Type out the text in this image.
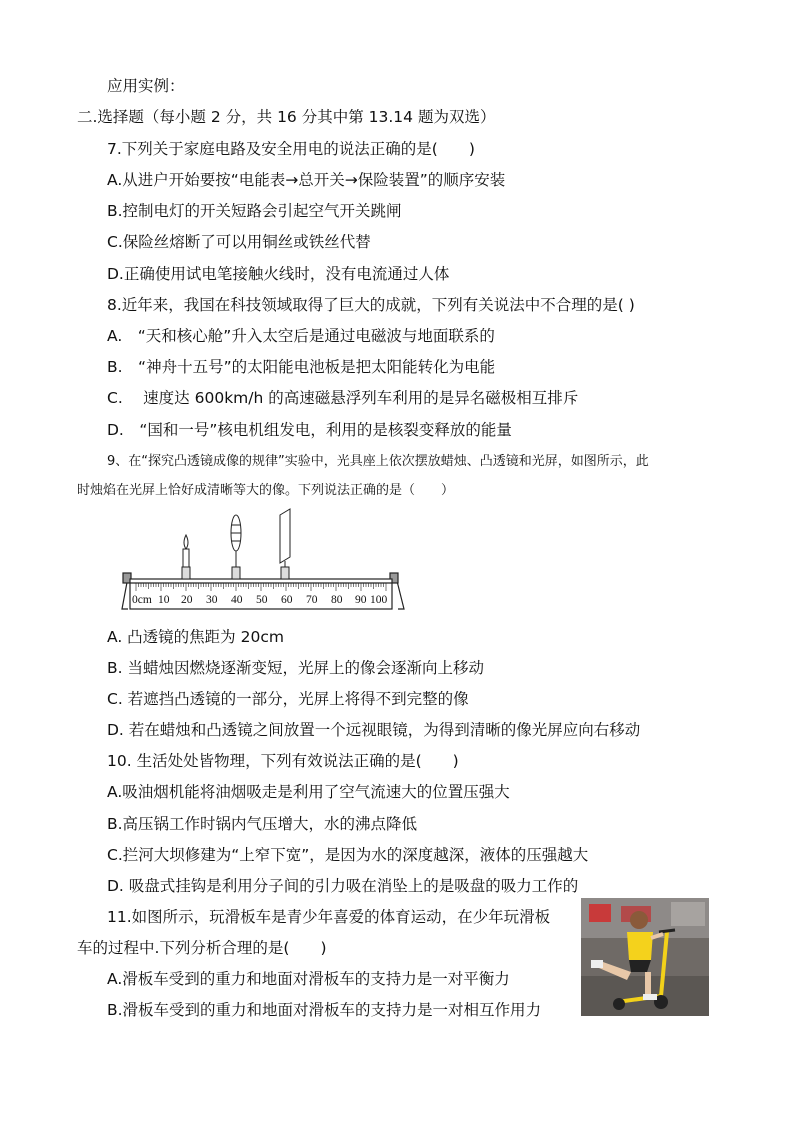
应用实例：
二.选择题（每小题 2 分，共 16 分其中第 13.14 题为双选）
7.下列关于家庭电路及安全用电的说法正确的是(　　)
A.从进户开始要按“电能表→总开关→保险装置”的顺序安装
B.控制电灯的开关短路会引起空气开关跳闸
C.保险丝熔断了可以用铜丝或铁丝代替
D.正确使用试电笔接触火线时，没有电流通过人体
8.近年来，我国在科技领域取得了巨大的成就，下列有关说法中不合理的是( )
A.　“天和核心舱”升入太空后是通过电磁波与地面联系的
B.　“神舟十五号”的太阳能电池板是把太阳能转化为电能
C.　 速度达 600km/h 的高速磁悬浮列车利用的是异名磁极相互排斥
D.　“国和一号”核电机组发电，利用的是核裂变释放的能量
9、在“探究凸透镜成像的规律”实验中，光具座上依次摆放蜡烛、凸透镜和光屏，如图所示，此
时烛焰在光屏上恰好成清晰等大的像。下列说法正确的是（　　）
0cm 10 20 30 40 50 60 70 80 90 100
A. 凸透镜的焦距为 20cm
B. 当蜡烛因燃烧逐渐变短，光屏上的像会逐渐向上移动
C. 若遮挡凸透镜的一部分，光屏上将得不到完整的像
D. 若在蜡烛和凸透镜之间放置一个远视眼镜，为得到清晰的像光屏应向右移动
10. 生活处处皆物理，下列有效说法正确的是(　　)
A.吸油烟机能将油烟吸走是利用了空气流速大的位置压强大
B.高压锅工作时锅内气压增大，水的沸点降低
C.拦河大坝修建为“上窄下宽”，是因为水的深度越深，液体的压强越大
D. 吸盘式挂钩是利用分子间的引力吸在消坠上的是吸盘的吸力工作的
11.如图所示，玩滑板车是青少年喜爱的体育运动，在少年玩滑板
车的过程中.下列分析合理的是(　　)
A.滑板车受到的重力和地面对滑板车的支持力是一对平衡力
B.滑板车受到的重力和地面对滑板车的支持力是一对相互作用力
